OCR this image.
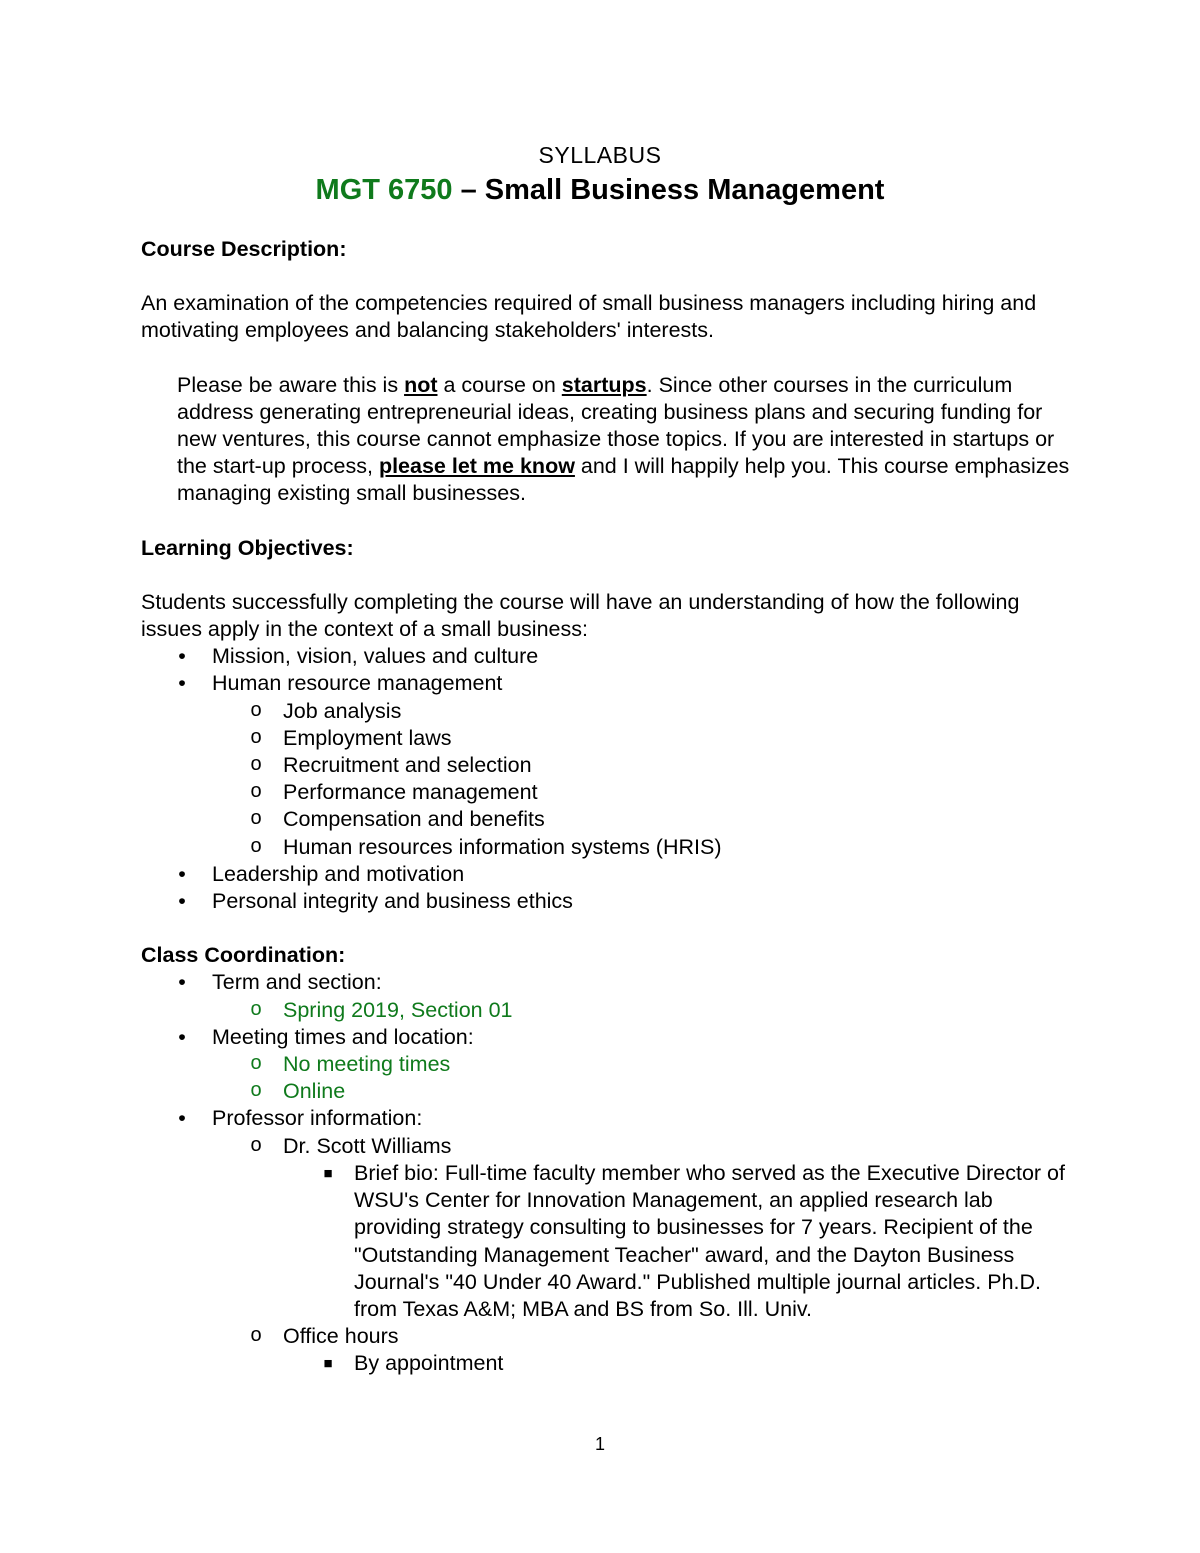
SYLLABUS
MGT 6750 – Small Business Management

Course Description:

An examination of the competencies required of small business managers including hiring and motivating employees and balancing stakeholders' interests.

Please be aware this is not a course on startups. Since other courses in the curriculum address generating entrepreneurial ideas, creating business plans and securing funding for new ventures, this course cannot emphasize those topics. If you are interested in startups or the start-up process, please let me know and I will happily help you. This course emphasizes managing existing small businesses.

Learning Objectives:

Students successfully completing the course will have an understanding of how the following issues apply in the context of a small business:

• Mission, vision, values and culture
• Human resource management
o Job analysis
o Employment laws
o Recruitment and selection
o Performance management
o Compensation and benefits
o Human resources information systems (HRIS)
• Leadership and motivation
• Personal integrity and business ethics

Class Coordination:

• Term and section:
o Spring 2019, Section 01
• Meeting times and location:
o No meeting times
o Online
• Professor information:
o Dr. Scott Williams
■ Brief bio: Full-time faculty member who served as the Executive Director of WSU's Center for Innovation Management, an applied research lab providing strategy consulting to businesses for 7 years. Recipient of the "Outstanding Management Teacher" award, and the Dayton Business Journal's "40 Under 40 Award." Published multiple journal articles. Ph.D. from Texas A&M; MBA and BS from So. Ill. Univ.
o Office hours
■ By appointment
1
